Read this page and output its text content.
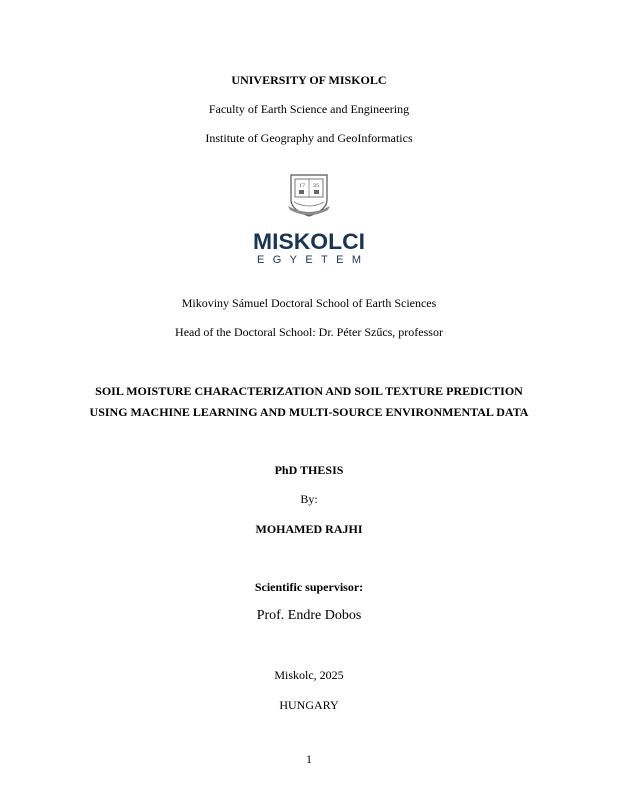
UNIVERSITY OF MISKOLC
Faculty of Earth Science and Engineering
Institute of Geography and GeoInformatics
17 35
MISKOLCI
EGYETEM
Mikoviny Sámuel Doctoral School of Earth Sciences
Head of the Doctoral School: Dr. Péter Szűcs, professor
SOIL MOISTURE CHARACTERIZATION AND SOIL TEXTURE PREDICTION
USING MACHINE LEARNING AND MULTI-SOURCE ENVIRONMENTAL DATA
PhD THESIS
By:
MOHAMED RAJHI
Scientific supervisor:
Prof. Endre Dobos
Miskolc, 2025
HUNGARY
1
